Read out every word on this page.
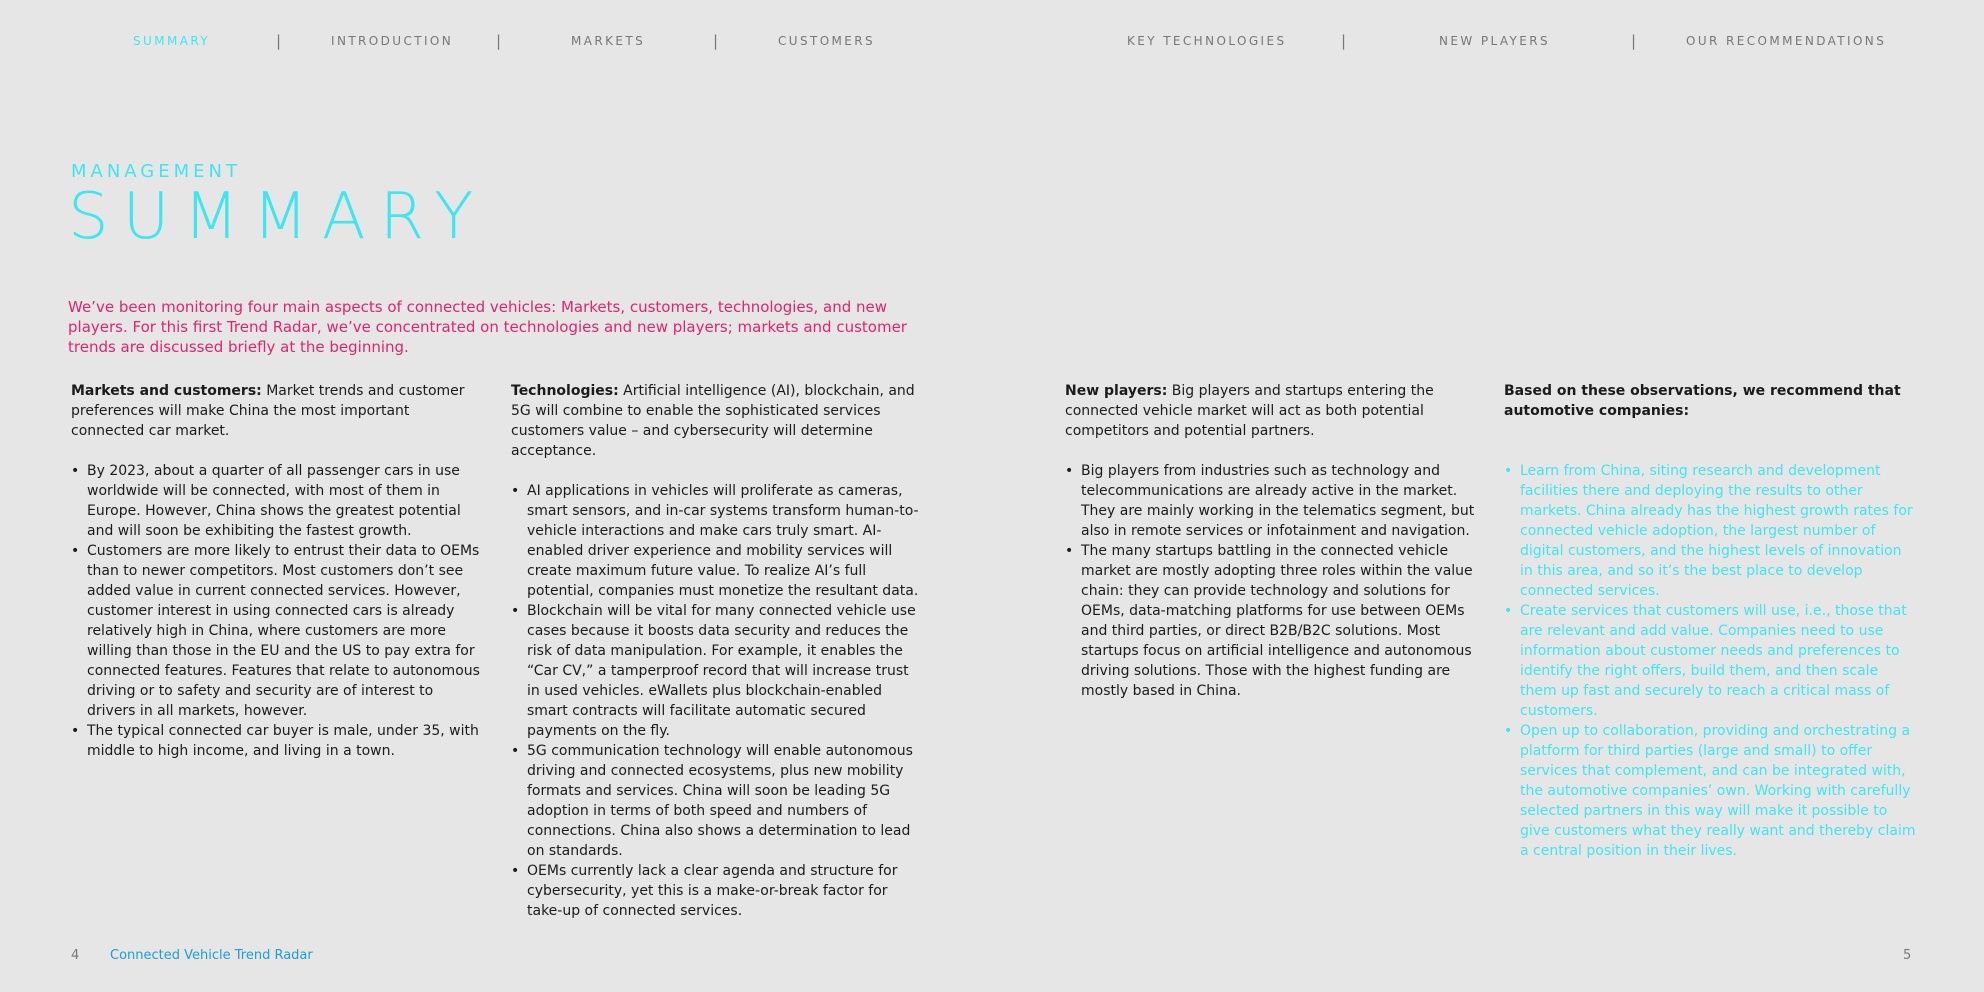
SUMMARY	|	INTRODUCTION	|	MARKETS	|	CUSTOMERS	KEY TECHNOLOGIES	|	NEW PLAYERS	|	OUR RECOMMENDATIONS
MANAGEMENT
SUMMARY
We’ve been monitoring four main aspects of connected vehicles: Markets, customers, technologies, and new players. For this first Trend Radar, we’ve concentrated on technologies and new players; markets and customer trends are discussed briefly at the beginning.

Markets and customers: Market trends and customer preferences will make China the most important connected car market.

• By 2023, about a quarter of all passenger cars in use worldwide will be connected, with most of them in Europe. However, China shows the greatest potential and will soon be exhibiting the fastest growth.
• Customers are more likely to entrust their data to OEMs than to newer competitors. Most customers don’t see added value in current connected services. However, customer interest in using connected cars is already relatively high in China, where customers are more willing than those in the EU and the US to pay extra for connected features. Features that relate to autonomous driving or to safety and security are of interest to drivers in all markets, however.
• The typical connected car buyer is male, under 35, with middle to high income, and living in a town.

Technologies: Artificial intelligence (AI), blockchain, and 5G will combine to enable the sophisticated services customers value – and cybersecurity will determine acceptance.

• AI applications in vehicles will proliferate as cameras, smart sensors, and in-car systems transform human-to-vehicle interactions and make cars truly smart. AI-enabled driver experience and mobility services will create maximum future value. To realize AI’s full potential, companies must monetize the resultant data.
• Blockchain will be vital for many connected vehicle use cases because it boosts data security and reduces the risk of data manipulation. For example, it enables the “Car CV,” a tamperproof record that will increase trust in used vehicles. eWallets plus blockchain-enabled smart contracts will facilitate automatic secured payments on the fly.
• 5G communication technology will enable autonomous driving and connected ecosystems, plus new mobility formats and services. China will soon be leading 5G adoption in terms of both speed and numbers of connections. China also shows a determination to lead on standards.
• OEMs currently lack a clear agenda and structure for cybersecurity, yet this is a make-or-break factor for take-up of connected services.

New players: Big players and startups entering the connected vehicle market will act as both potential competitors and potential partners.

• Big players from industries such as technology and telecommunications are already active in the market. They are mainly working in the telematics segment, but also in remote services or infotainment and navigation.
• The many startups battling in the connected vehicle market are mostly adopting three roles within the value chain: they can provide technology and solutions for OEMs, data-matching platforms for use between OEMs and third parties, or direct B2B/B2C solutions. Most startups focus on artificial intelligence and autonomous driving solutions. Those with the highest funding are mostly based in China.

Based on these observations, we recommend that automotive companies:

• Learn from China, siting research and development facilities there and deploying the results to other markets. China already has the highest growth rates for connected vehicle adoption, the largest number of digital customers, and the highest levels of innovation in this area, and so it’s the best place to develop connected services.
• Create services that customers will use, i.e., those that are relevant and add value. Companies need to use information about customer needs and preferences to identify the right offers, build them, and then scale them up fast and securely to reach a critical mass of customers.
• Open up to collaboration, providing and orchestrating a platform for third parties (large and small) to offer services that complement, and can be integrated with, the automotive companies’ own. Working with carefully selected partners in this way will make it possible to give customers what they really want and thereby claim a central position in their lives.
4 Connected Vehicle Trend Radar	5
